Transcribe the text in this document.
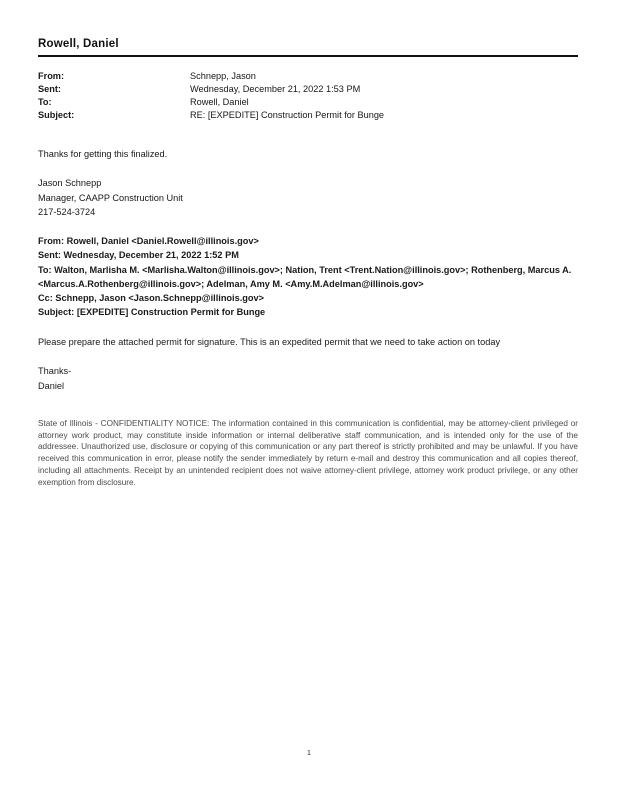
Rowell, Daniel
From:	Schnepp, Jason
Sent:	Wednesday, December 21, 2022 1:53 PM
To:	Rowell, Daniel
Subject:	RE: [EXPEDITE] Construction Permit for Bunge
Thanks for getting this finalized.
Jason Schnepp
Manager, CAAPP Construction Unit
217-524-3724
From: Rowell, Daniel <Daniel.Rowell@illinois.gov>
Sent: Wednesday, December 21, 2022 1:52 PM
To: Walton, Marlisha M. <Marlisha.Walton@illinois.gov>; Nation, Trent <Trent.Nation@illinois.gov>; Rothenberg, Marcus A. <Marcus.A.Rothenberg@illinois.gov>; Adelman, Amy M. <Amy.M.Adelman@illinois.gov>
Cc: Schnepp, Jason <Jason.Schnepp@illinois.gov>
Subject: [EXPEDITE] Construction Permit for Bunge
Please prepare the attached permit for signature. This is an expedited permit that we need to take action on today
Thanks-
Daniel
State of Illinois - CONFIDENTIALITY NOTICE: The information contained in this communication is confidential, may be attorney-client privileged or attorney work product, may constitute inside information or internal deliberative staff communication, and is intended only for the use of the addressee. Unauthorized use, disclosure or copying of this communication or any part thereof is strictly prohibited and may be unlawful. If you have received this communication in error, please notify the sender immediately by return e-mail and destroy this communication and all copies thereof, including all attachments. Receipt by an unintended recipient does not waive attorney-client privilege, attorney work product privilege, or any other exemption from disclosure.
1
